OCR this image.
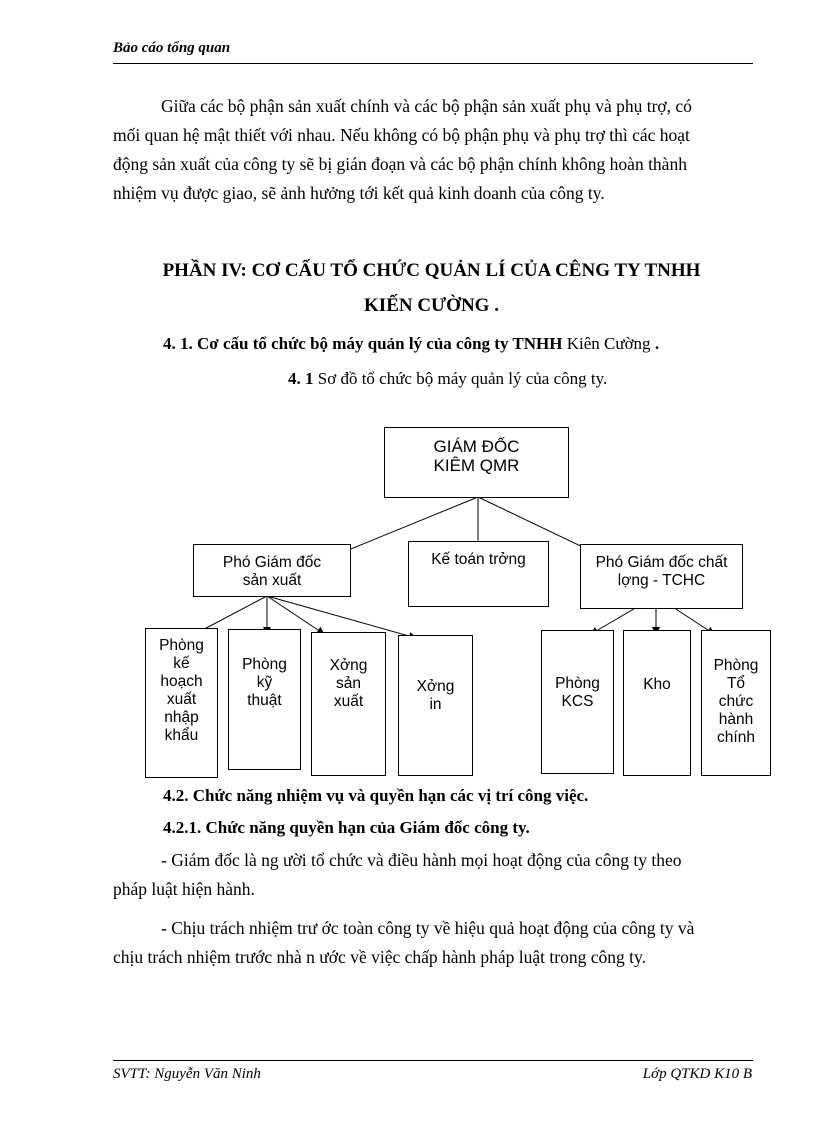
Bảo cáo tổng quan
Giữa các bộ phận sản xuất chính và các bộ phận sản xuất phụ và phụ trợ, có
mối quan hệ mật thiết với nhau. Nếu không có bộ phận phụ và phụ trợ thì các hoạt
động sản xuất của công ty sẽ bị gián đoạn và các bộ phận chính không hoàn thành
nhiệm vụ được giao, sẽ ảnh hưởng tới kết quả kinh doanh của công ty.
PHẦN IV: CƠ CẤU TỔ CHỨC QUẢN LÍ CỦA CÊNG TY TNHH
KIẾN CƯỜNG .
4. 1. Cơ cấu tổ chức bộ máy quản lý của công ty TNHH Kiên Cường .
4. 1 Sơ đồ tổ chức bộ máy quản lý của công ty.
GIÁM ĐỐC
KIÊM QMR
Phó Giám đốc
sản xuất
Kế toán trởng	Phó Giám đốc chất
lợng - TCHC
Phòng
kế
hoạch
xuất
nhập
khẩu
Phòng
kỹ
thuật
Xởng
sản
xuất
Xởng
in
Phòng
KCS
Kho
Phòng
Tổ
chức
hành
chính
4.2. Chức năng nhiệm vụ và quyền hạn các vị trí công việc.
4.2.1. Chức năng quyền hạn của Giám đốc công ty.
- Giám đốc là ng ười tổ chức và điều hành mọi hoạt động của công ty theo
pháp luật hiện hành.
- Chịu trách nhiệm trư ớc toàn công ty về hiệu quả hoạt động của công ty và
chịu trách nhiệm trước nhà n ước về việc chấp hành pháp luật trong công ty.
SVTT: Nguyễn Văn Ninh	Lớp QTKD K10 B
